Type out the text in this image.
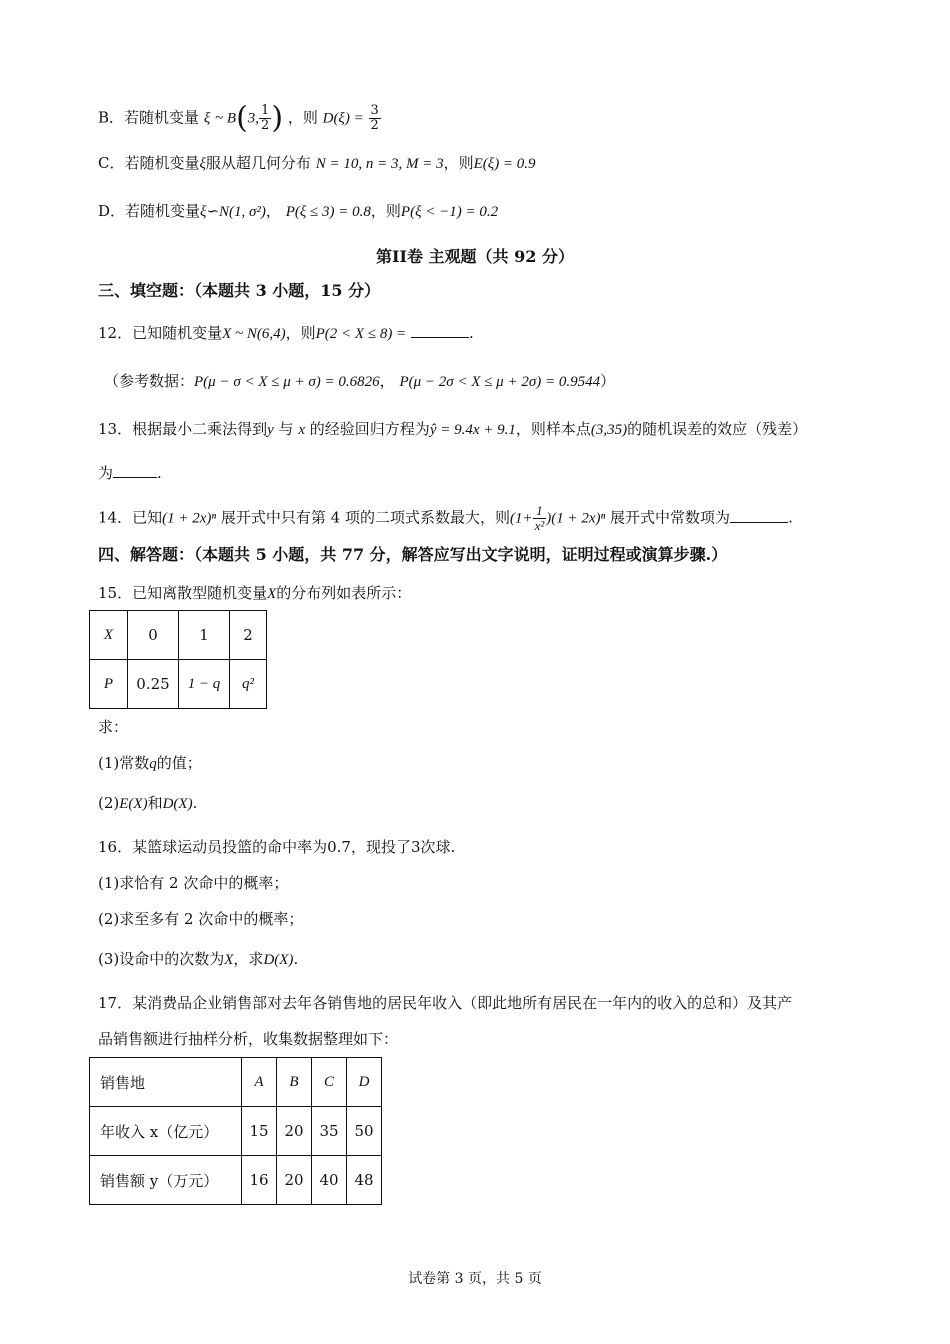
B．若随机变量 ξ ~ B(3, $\frac{1}{2}$ ) ，则 $D(\xi) = \frac{3}{2}$
C．若随机变量ξ服从超几何分布 N = 10, n = 3, M = 3，则E(ξ) = 0.9
D．若随机变量ξ∽N(1, σ²)， P(ξ ≤ 3) = 0.8，则P(ξ < −1) = 0.2
第II卷 主观题（共 92 分）
三、填空题：（本题共 3 小题，15 分）
12．已知随机变量X ~ N(6,4)，则P(2 < X ≤ 8) =	.
（参考数据：P(μ − σ < X ≤ μ + σ) = 0.6826， P(μ − 2σ < X ≤ μ + 2σ) = 0.9544）
13．根据最小二乘法得到y 与 x 的经验回归方程为ŷ = 9.4x + 9.1，则样本点(3,35)的随机误差的效应（残差）
为	.
14．已知(1 + 2x)ⁿ 展开式中只有第 4 项的二项式系数最大，则$(1+ \frac{1}{\text{x²}} )(1 + 2x)^n$ 展开式中常数项为	.
四、解答题：（本题共 5 小题，共 77 分，解答应写出文字说明，证明过程或演算步骤.）
15．已知离散型随机变量X的分布列如表所示：
X	0	1	2
P	0.25	1 − q	q²
求：
(1)常数q的值；
(2)E(X)和D(X).
16．某篮球运动员投篮的命中率为0.7，现投了3次球.
(1)求恰有 2 次命中的概率；
(2)求至多有 2 次命中的概率；
(3)设命中的次数为X，求D(X).
17．某消费品企业销售部对去年各销售地的居民年收入（即此地所有居民在一年内的收入的总和）及其产
品销售额进行抽样分析，收集数据整理如下：
销售地	A	B	C	D
年收入 x（亿元）	15	20	35	50
销售额 y（万元）	16	20	40	48
试卷第 3 页，共 5 页
